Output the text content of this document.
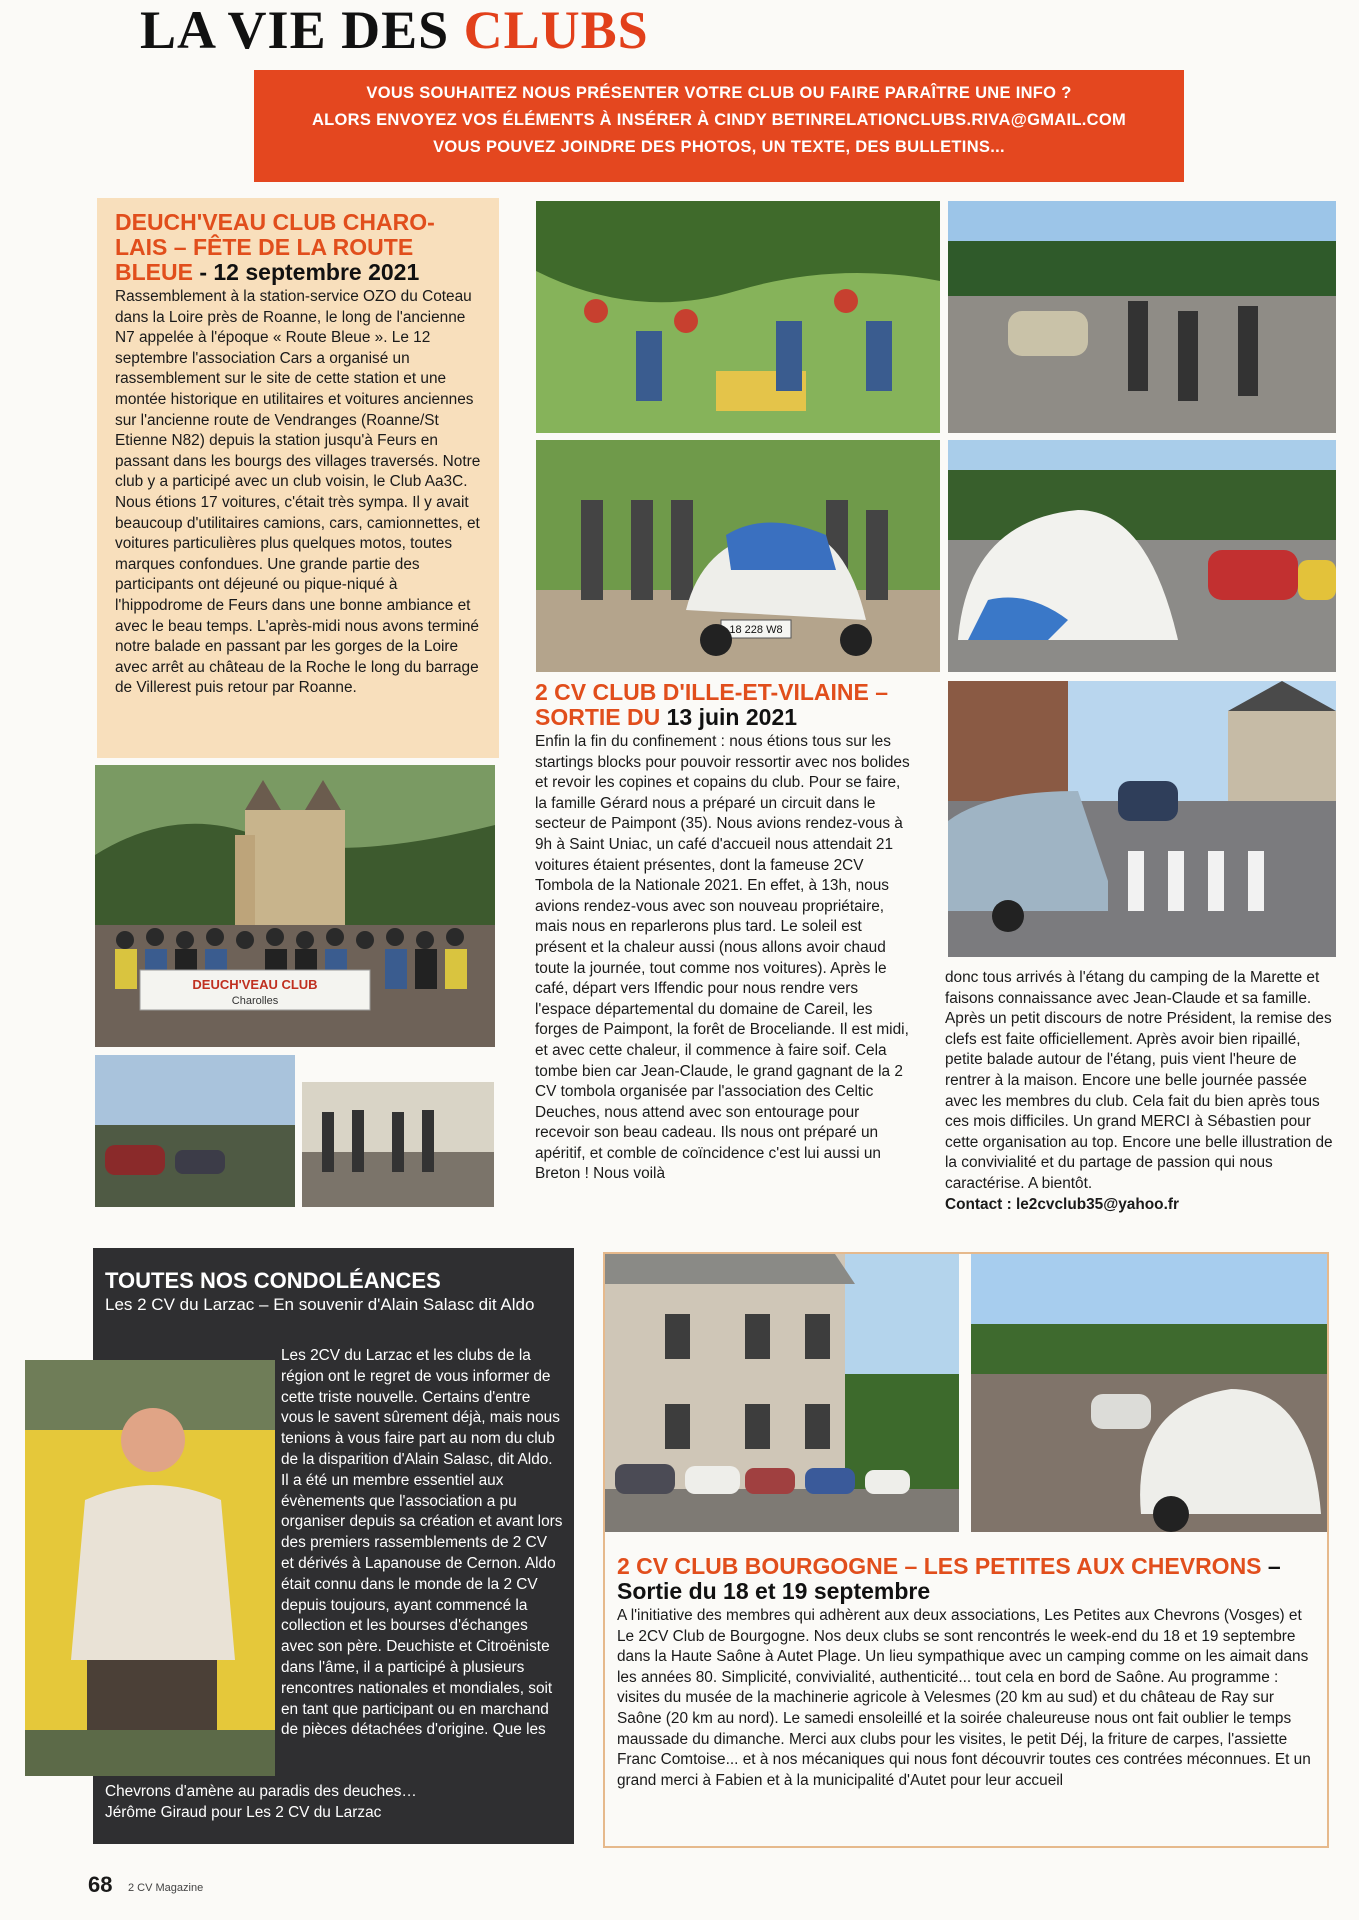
LA VIE DES CLUBS
VOUS SOUHAITEZ NOUS PRÉSENTER VOTRE CLUB OU FAIRE PARAÎTRE UNE INFO ?
ALORS ENVOYEZ VOS ÉLÉMENTS À INSÉRER À CINDY BETINRELATIONCLUBS.RIVA@GMAIL.COM
VOUS POUVEZ JOINDRE DES PHOTOS, UN TEXTE, DES BULLETINS...
DEUCH'VEAU CLUB CHARO-LAIS – FÊTE DE LA ROUTE BLEUE - 12 septembre 2021
Rassemblement à la station-service OZO du Coteau dans la Loire près de Roanne, le long de l'ancienne N7 appelée à l'époque « Route Bleue ». Le 12 septembre l'association Cars a organisé un rassemblement sur le site de cette station et une montée historique en utilitaires et voitures anciennes sur l'ancienne route de Vendranges (Roanne/St Etienne N82) depuis la station jusqu'à Feurs en passant dans les bourgs des villages traversés. Notre club y a participé avec un club voisin, le Club Aa3C. Nous étions 17 voitures, c'était très sympa. Il y avait beaucoup d'utilitaires camions, cars, camionnettes, et voitures particulières plus quelques motos, toutes marques confondues. Une grande partie des participants ont déjeuné ou pique-niqué à l'hippodrome de Feurs dans une bonne ambiance et avec le beau temps. L'après-midi nous avons terminé notre balade en passant par les gorges de la Loire avec arrêt au château de la Roche le long du barrage de Villerest puis retour par Roanne.
DEUCH'VEAU CLUB
Charolles
18 228 W8
2 CV CLUB D'ILLE-ET-VILAINE – SORTIE DU 13 juin 2021
Enfin la fin du confinement : nous étions tous sur les startings blocks pour pouvoir ressortir avec nos bolides et revoir les copines et copains du club. Pour se faire, la famille Gérard nous a préparé un circuit dans le secteur de Paimpont (35). Nous avions rendez-vous à 9h à Saint Uniac, un café d'accueil nous attendait 21 voitures étaient présentes, dont la fameuse 2CV Tombola de la Nationale 2021. En effet, à 13h, nous avions rendez-vous avec son nouveau propriétaire, mais nous en reparlerons plus tard. Le soleil est présent et la chaleur aussi (nous allons avoir chaud toute la journée, tout comme nos voitures). Après le café, départ vers Iffendic pour nous rendre vers l'espace départemental du domaine de Careil, les forges de Paimpont, la forêt de Broceliande. Il est midi, et avec cette chaleur, il commence à faire soif. Cela tombe bien car Jean-Claude, le grand gagnant de la 2 CV tombola organisée par l'association des Celtic Deuches, nous attend avec son entourage pour recevoir son beau cadeau. Ils nous ont préparé un apéritif, et comble de coïncidence c'est lui aussi un Breton ! Nous voilà
donc tous arrivés à l'étang du camping de la Marette et faisons connaissance avec Jean-Claude et sa famille. Après un petit discours de notre Président, la remise des clefs est faite officiellement. Après avoir bien ripaillé, petite balade autour de l'étang, puis vient l'heure de rentrer à la maison. Encore une belle journée passée avec les membres du club. Cela fait du bien après tous ces mois difficiles. Un grand MERCI à Sébastien pour cette organisation au top. Encore une belle illustration de la convivialité et du partage de passion qui nous caractérise. A bientôt.
Contact : le2cvclub35@yahoo.fr
TOUTES NOS CONDOLÉANCES
Les 2 CV du Larzac – En souvenir d'Alain Salasc dit Aldo
Les 2CV du Larzac et les clubs de la région ont le regret de vous informer de cette triste nouvelle. Certains d'entre vous le savent sûrement déjà, mais nous tenions à vous faire part au nom du club de la disparition d'Alain Salasc, dit Aldo. Il a été un membre essentiel aux évènements que l'association a pu organiser depuis sa création et avant lors des premiers rassemblements de 2 CV et dérivés à Lapanouse de Cernon. Aldo était connu dans le monde de la 2 CV depuis toujours, ayant commencé la collection et les bourses d'échanges avec son père. Deuchiste et Citroëniste dans l'âme, il a participé à plusieurs rencontres nationales et mondiales, soit en tant que participant ou en marchand de pièces détachées d'origine. Que les
Chevrons d'amène au paradis des deuches…
Jérôme Giraud pour Les 2 CV du Larzac
2 CV CLUB BOURGOGNE – LES PETITES AUX CHEVRONS – Sortie du 18 et 19 septembre
A l'initiative des membres qui adhèrent aux deux associations, Les Petites aux Chevrons (Vosges) et Le 2CV Club de Bourgogne. Nos deux clubs se sont rencontrés le week-end du 18 et 19 septembre dans la Haute Saône à Autet Plage. Un lieu sympathique avec un camping comme on les aimait dans les années 80. Simplicité, convivialité, authenticité... tout cela en bord de Saône. Au programme : visites du musée de la machinerie agricole à Velesmes (20 km au sud) et du château de Ray sur Saône (20 km au nord). Le samedi ensoleillé et la soirée chaleureuse nous ont fait oublier le temps maussade du dimanche. Merci aux clubs pour les visites, le petit Déj, la friture de carpes, l'assiette Franc Comtoise... et à nos mécaniques qui nous font découvrir toutes ces contrées méconnues. Et un grand merci à Fabien et à la municipalité d'Autet pour leur accueil
68 2 CV Magazine
